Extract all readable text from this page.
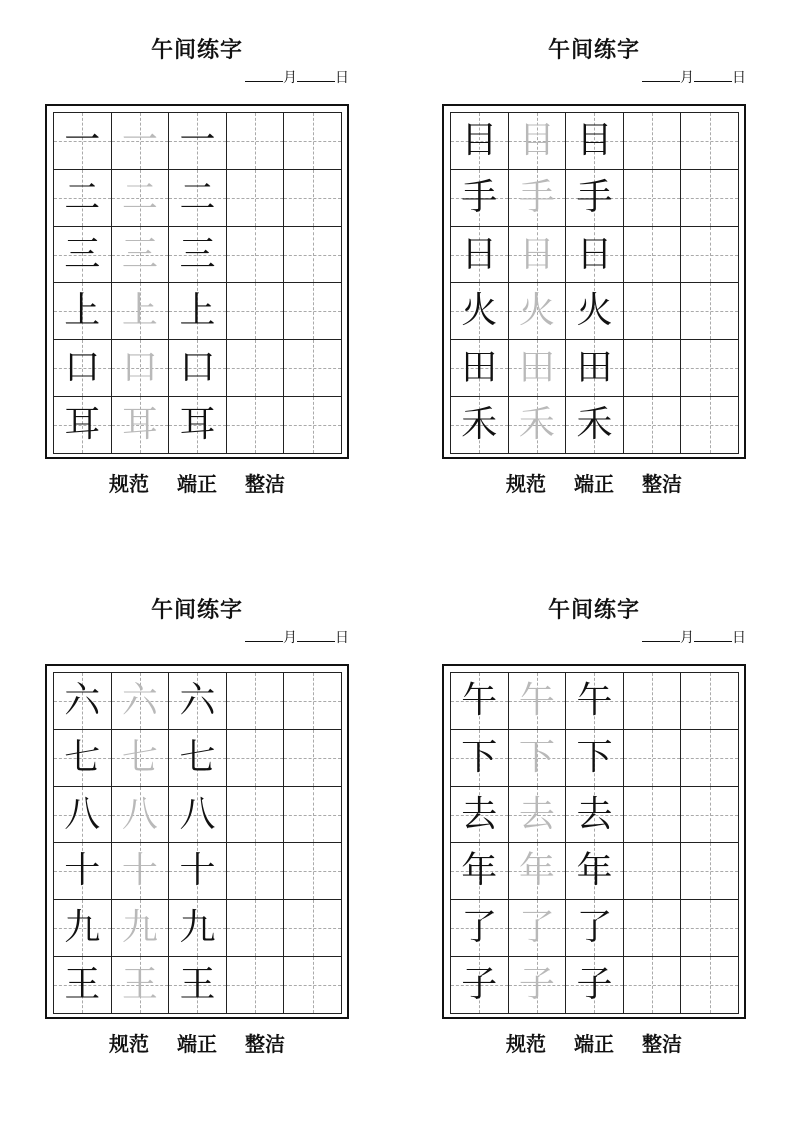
午间练字
月	日
一 一 一
二 二 二
三 三 三
上 上 上
口 口 口
耳 耳 耳
规范 端正 整洁
午间练字
月	日
目 目 目
手 手 手
日 日 日
火 火 火
田 田 田
禾 禾 禾
规范 端正 整洁
午间练字
月	日
六 六 六
七 七 七
八 八 八
十 十 十
九 九 九
王 王 王
规范 端正 整洁
午间练字
月	日
午 午 午
下 下 下
去 去 去
年 年 年
了 了 了
子 子 子
规范 端正 整洁
